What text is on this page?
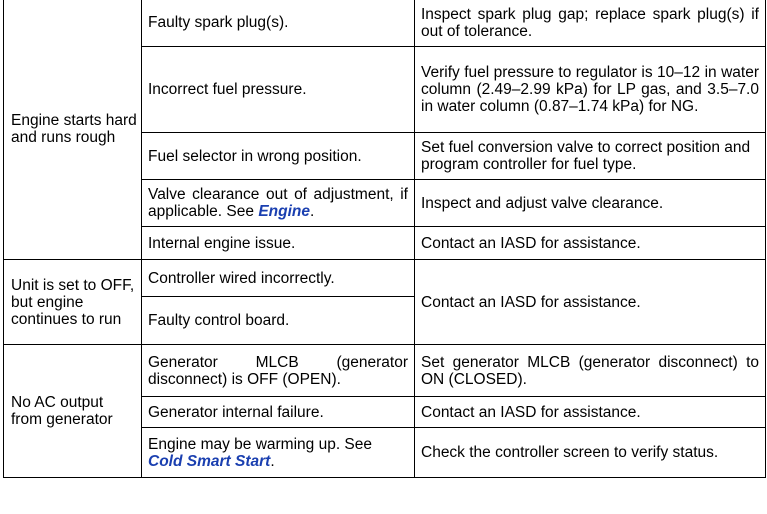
Engine starts hard and runs rough	Faulty spark plug(s).	Inspect spark plug gap; replace spark plug(s) if out of tolerance.
	Incorrect fuel pressure.	Verify fuel pressure to regulator is 10–12 in water column (2.49–2.99 kPa) for LP gas, and 3.5–7.0 in water column (0.87–1.74 kPa) for NG.
	Fuel selector in wrong position.	Set fuel conversion valve to correct position and program controller for fuel type.
	Valve clearance out of adjustment, if applicable. See Engine.	Inspect and adjust valve clearance.
	Internal engine issue.	Contact an IASD for assistance.
Unit is set to OFF, but engine continues to run	Controller wired incorrectly.	Contact an IASD for assistance.
	Faulty control board.	
No AC output from generator	Generator MLCB (generator disconnect) is OFF (OPEN).	Set generator MLCB (generator disconnect) to ON (CLOSED).
	Generator internal failure.	Contact an IASD for assistance.
	Engine may be warming up. See Cold Smart Start.	Check the controller screen to verify status.
